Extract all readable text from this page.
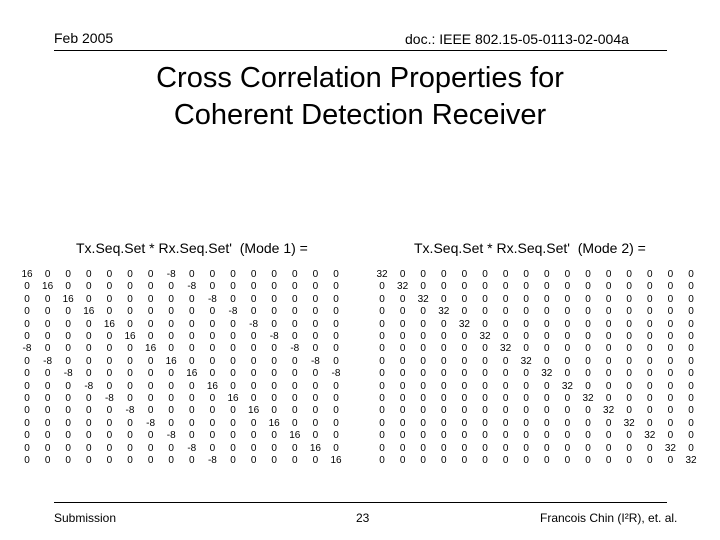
Feb 2005	doc.: IEEE 802.15-05-0113-02-004a
Cross Correlation Properties for
Coherent Detection Receiver
Tx.Seq.Set * Rx.Seq.Set'  (Mode 1) =	Tx.Seq.Set * Rx.Seq.Set'  (Mode 2) =
16	0	0	0	0	0	0	-8	0	0	0	0	0	0	0	0
0	16	0	0	0	0	0	0	-8	0	0	0	0	0	0	0
0	0	16	0	0	0	0	0	0	-8	0	0	0	0	0	0
0	0	0	16	0	0	0	0	0	0	-8	0	0	0	0	0
0	0	0	0	16	0	0	0	0	0	0	-8	0	0	0	0
0	0	0	0	0	16	0	0	0	0	0	0	-8	0	0	0
-8	0	0	0	0	0	16	0	0	0	0	0	0	-8	0	0
0	-8	0	0	0	0	0	16	0	0	0	0	0	0	-8	0
0	0	-8	0	0	0	0	0	16	0	0	0	0	0	0	-8
0	0	0	-8	0	0	0	0	0	16	0	0	0	0	0	0
0	0	0	0	-8	0	0	0	0	0	16	0	0	0	0	0
0	0	0	0	0	-8	0	0	0	0	0	16	0	0	0	0
0	0	0	0	0	0	-8	0	0	0	0	0	16	0	0	0
0	0	0	0	0	0	0	-8	0	0	0	0	0	16	0	0
0	0	0	0	0	0	0	0	-8	0	0	0	0	0	16	0
0	0	0	0	0	0	0	0	0	-8	0	0	0	0	0	16
32	0	0	0	0	0	0	0	0	0	0	0	0	0	0	0
0	32	0	0	0	0	0	0	0	0	0	0	0	0	0	0
0	0	32	0	0	0	0	0	0	0	0	0	0	0	0	0
0	0	0	32	0	0	0	0	0	0	0	0	0	0	0	0
0	0	0	0	32	0	0	0	0	0	0	0	0	0	0	0
0	0	0	0	0	32	0	0	0	0	0	0	0	0	0	0
0	0	0	0	0	0	32	0	0	0	0	0	0	0	0	0
0	0	0	0	0	0	0	32	0	0	0	0	0	0	0	0
0	0	0	0	0	0	0	0	32	0	0	0	0	0	0	0
0	0	0	0	0	0	0	0	0	32	0	0	0	0	0	0
0	0	0	0	0	0	0	0	0	0	32	0	0	0	0	0
0	0	0	0	0	0	0	0	0	0	0	32	0	0	0	0
0	0	0	0	0	0	0	0	0	0	0	0	32	0	0	0
0	0	0	0	0	0	0	0	0	0	0	0	0	32	0	0
0	0	0	0	0	0	0	0	0	0	0	0	0	0	32	0
0	0	0	0	0	0	0	0	0	0	0	0	0	0	0	32
Submission	23	Francois Chin (I²R), et. al.
